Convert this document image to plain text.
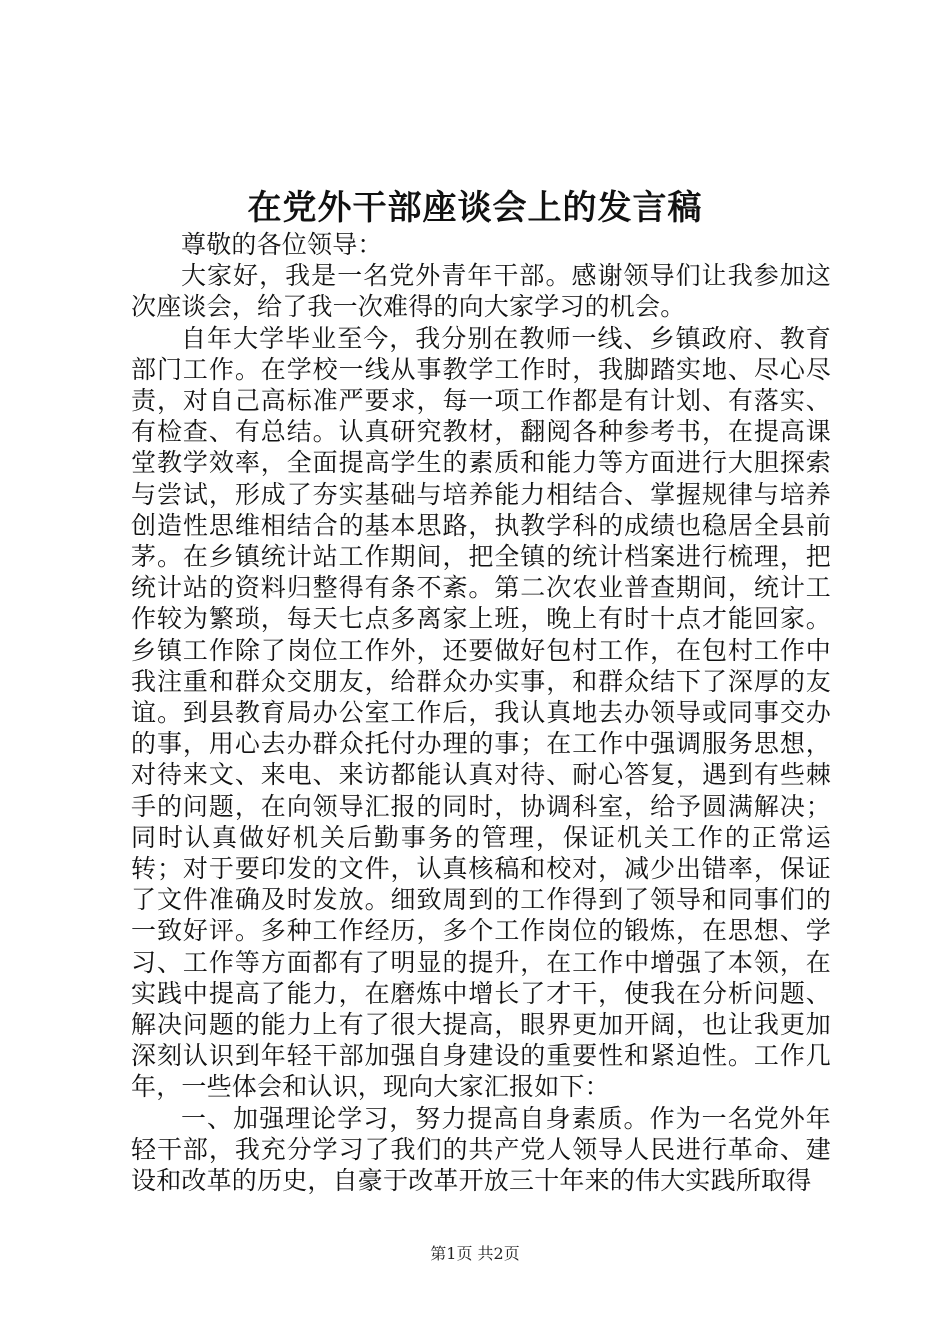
在党外干部座谈会上的发言稿

尊敬的各位领导：

大家好，我是一名党外青年干部。感谢领导们让我参加这次座谈会，给了我一次难得的向大家学习的机会。

自年大学毕业至今，我分别在教师一线、乡镇政府、教育部门工作。在学校一线从事教学工作时，我脚踏实地、尽心尽责，对自己高标准严要求，每一项工作都是有计划、有落实、有检查、有总结。认真研究教材，翻阅各种参考书，在提高课堂教学效率，全面提高学生的素质和能力等方面进行大胆探索与尝试，形成了夯实基础与培养能力相结合、掌握规律与培养创造性思维相结合的基本思路，执教学科的成绩也稳居全县前茅。在乡镇统计站工作期间，把全镇的统计档案进行梳理，把统计站的资料归整得有条不紊。第二次农业普查期间，统计工作较为繁琐，每天七点多离家上班，晚上有时十点才能回家。乡镇工作除了岗位工作外，还要做好包村工作，在包村工作中我注重和群众交朋友，给群众办实事，和群众结下了深厚的友谊。到县教育局办公室工作后，我认真地去办领导或同事交办的事，用心去办群众托付办理的事；在工作中强调服务思想，对待来文、来电、来访都能认真对待、耐心答复，遇到有些棘手的问题，在向领导汇报的同时，协调科室，给予圆满解决；同时认真做好机关后勤事务的管理，保证机关工作的正常运转；对于要印发的文件，认真核稿和校对，减少出错率，保证了文件准确及时发放。细致周到的工作得到了领导和同事们的一致好评。多种工作经历，多个工作岗位的锻炼，在思想、学习、工作等方面都有了明显的提升，在工作中增强了本领，在实践中提高了能力，在磨炼中增长了才干，使我在分析问题、解决问题的能力上有了很大提高，眼界更加开阔，也让我更加深刻认识到年轻干部加强自身建设的重要性和紧迫性。工作几年，一些体会和认识，现向大家汇报如下：

一、加强理论学习，努力提高自身素质。作为一名党外年轻干部，我充分学习了我们的共产党人领导人民进行革命、建设和改革的历史，自豪于改革开放三十年来的伟大实践所取得

第1页 共2页
